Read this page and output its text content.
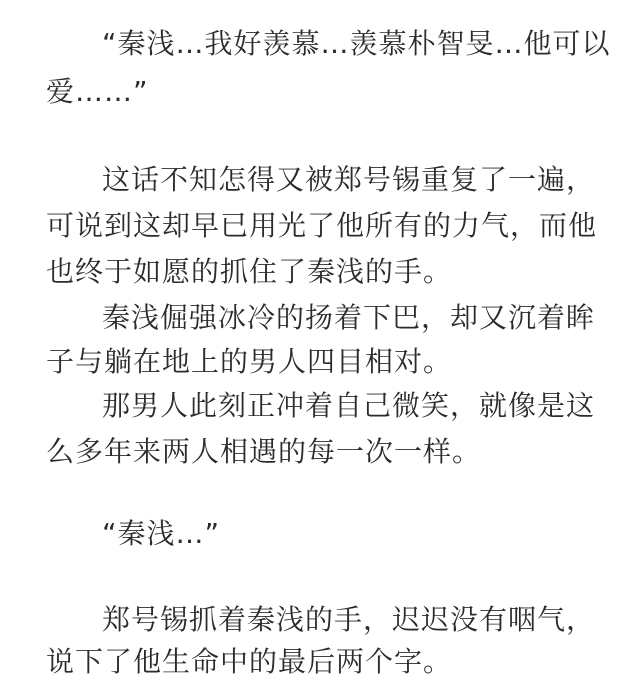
“秦浅…我好羡慕…羡慕朴智旻…他可以

爱……”

这话不知怎得又被郑号锡重复了一遍，

可说到这却早已用光了他所有的力气，而他

也终于如愿的抓住了秦浅的手。

秦浅倔强冰冷的扬着下巴，却又沉着眸

子与躺在地上的男人四目相对。

那男人此刻正冲着自己微笑，就像是这

么多年来两人相遇的每一次一样。

“秦浅…”

郑号锡抓着秦浅的手，迟迟没有咽气，

说下了他生命中的最后两个字。
